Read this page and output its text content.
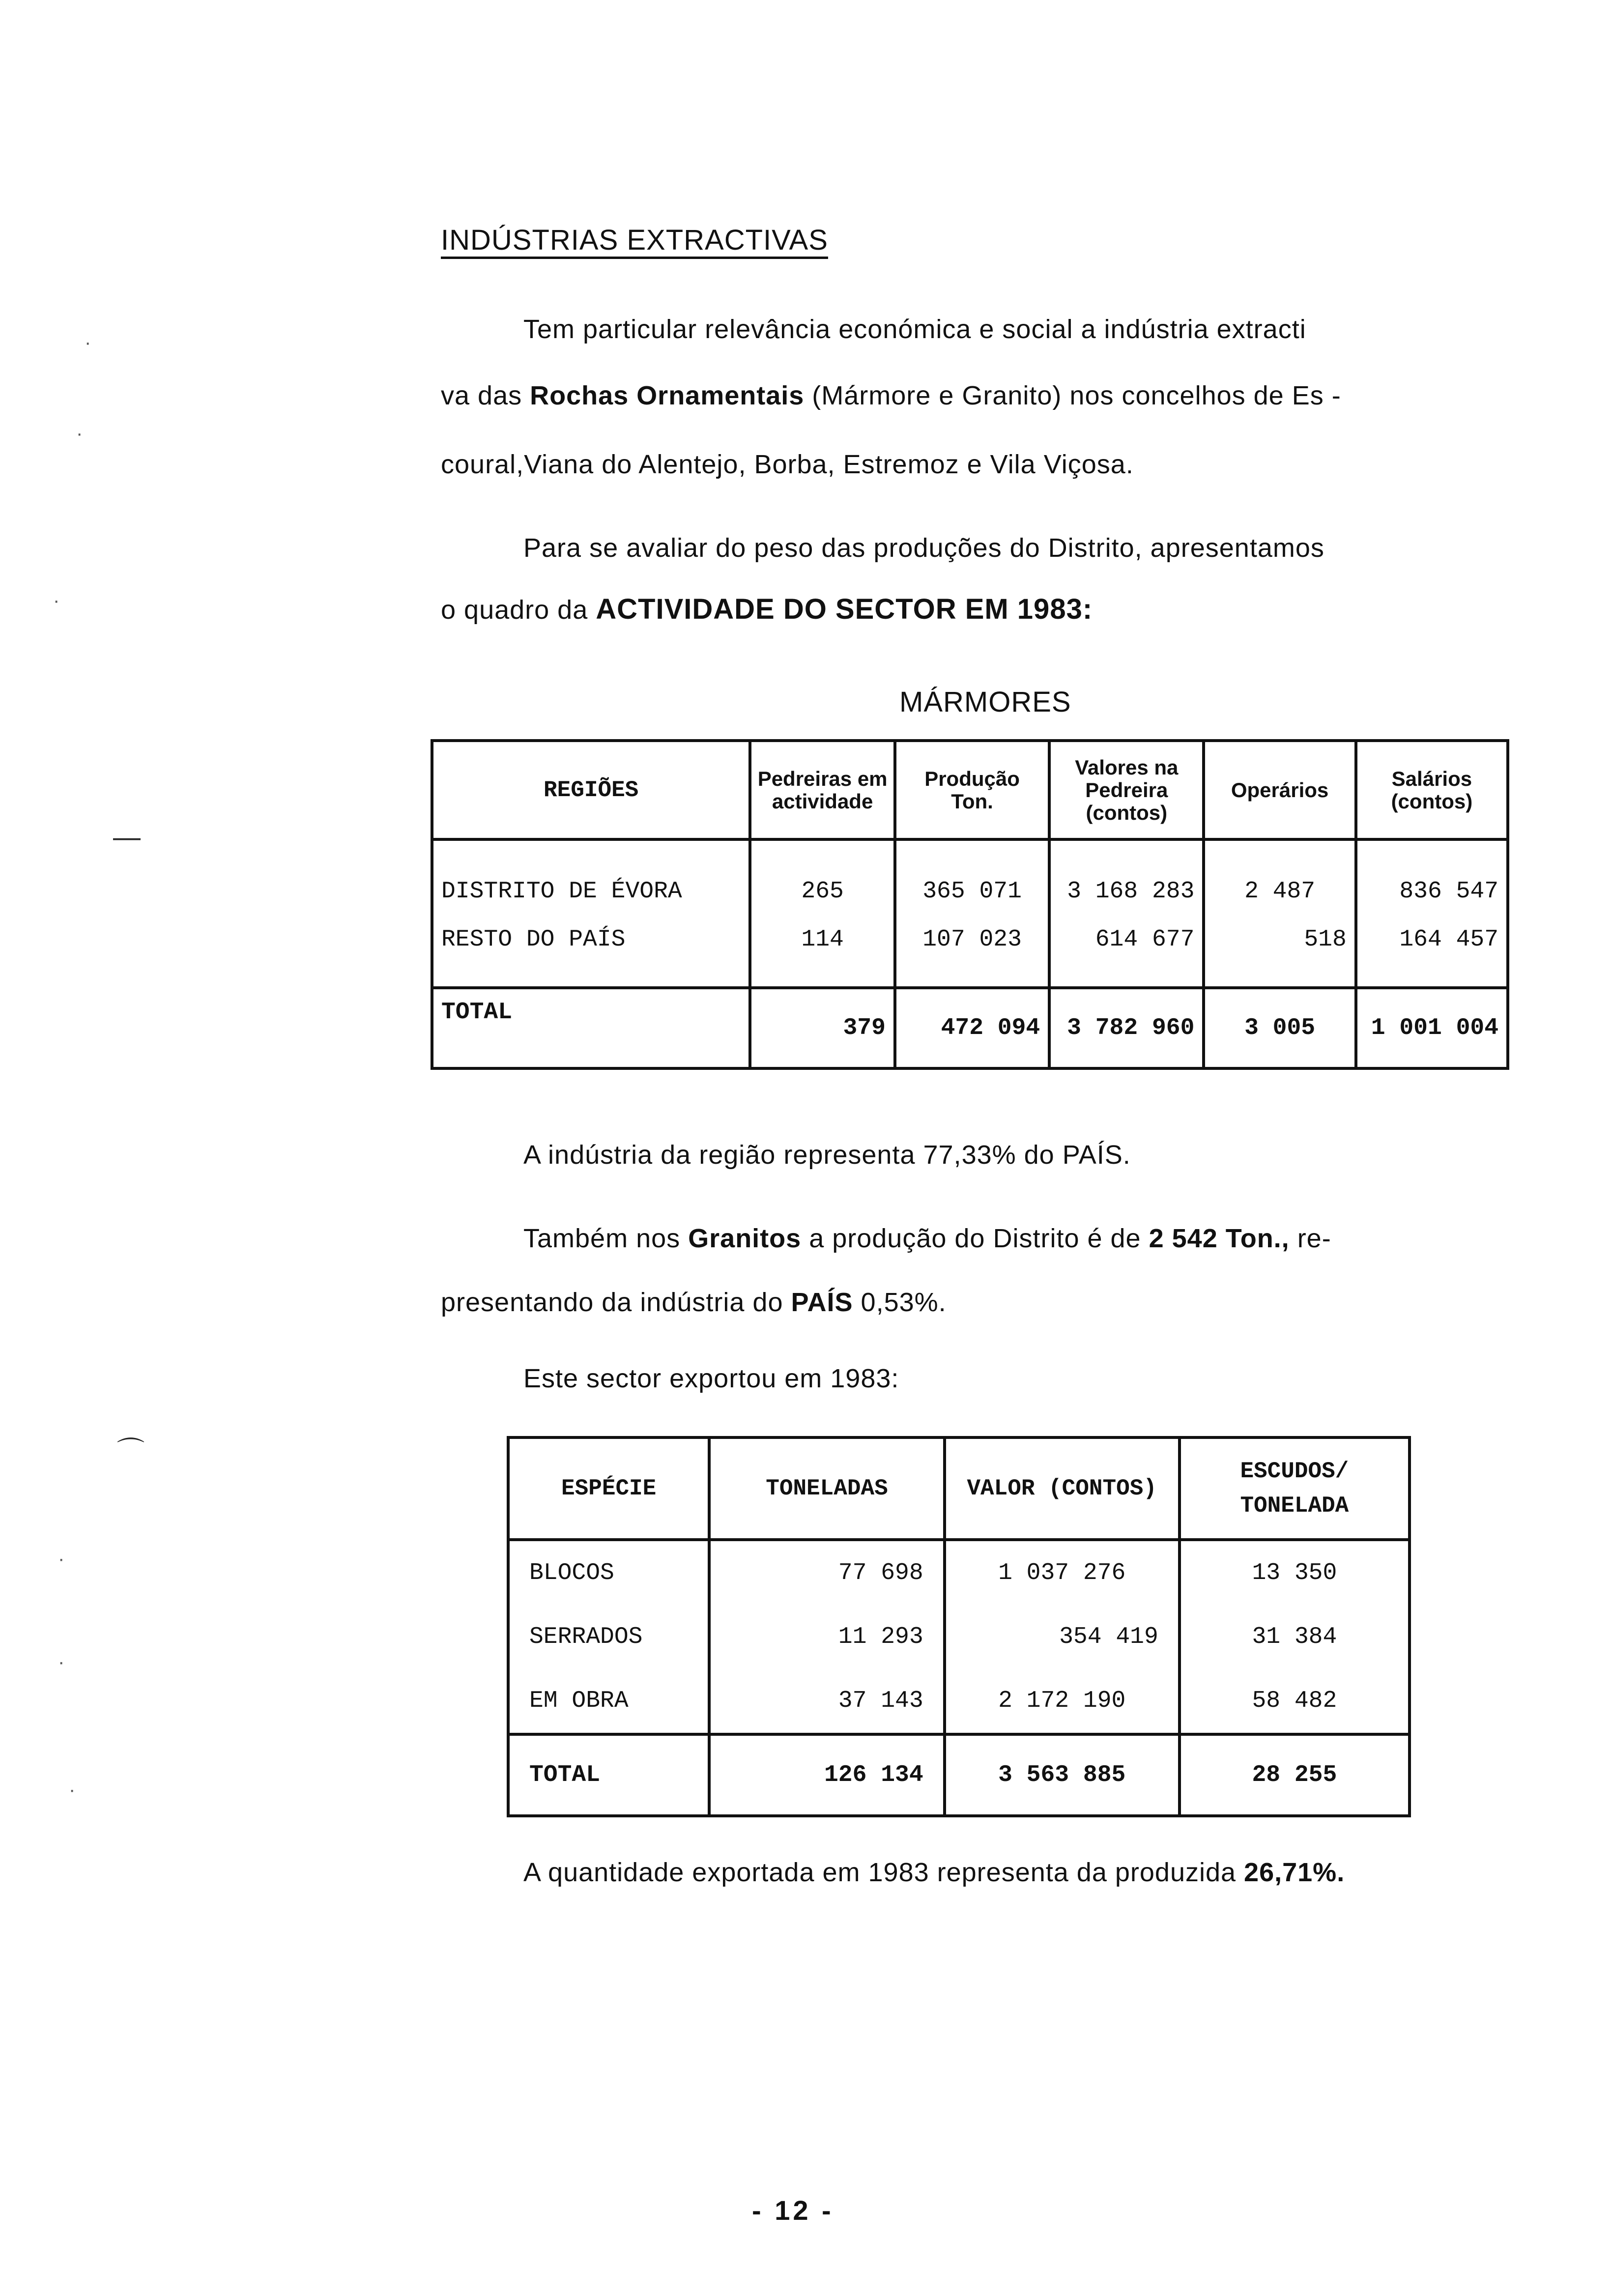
INDÚSTRIAS EXTRACTIVAS
Tem particular relevância económica e social a indústria extracti
va das Rochas Ornamentais (Mármore e Granito) nos concelhos de Es -
coural,Viana do Alentejo, Borba, Estremoz e Vila Viçosa.
Para se avaliar do peso das produções do Distrito, apresentamos
o quadro da ACTIVIDADE DO SECTOR EM 1983:
MÁRMORES
REGIÕES	Pedreiras em actividade	Produção Ton.	Valores na Pedreira (contos)	Operários	Salários (contos)
DISTRITO DE ÉVORA	265	365 071	3 168 283	2 487	836 547
RESTO DO PAÍS	114	107 023	614 677	518	164 457

TOTAL	379	472 094	3 782 960	3 005	1 001 004
A indústria da região representa 77,33% do PAÍS.
Também nos Granitos a produção do Distrito é de 2 542 Ton., re-
presentando da indústria do PAÍS 0,53%.
Este sector exportou em 1983:
ESPÉCIE	TONELADAS	VALOR (CONTOS)	ESCUDOS/ TONELADA
BLOCOS	77 698	1 037 276	13 350
SERRADOS	11 293	354 419	31 384
EM OBRA	37 143	2 172 190	58 482
TOTAL	126 134	3 563 885	28 255
A quantidade exportada em 1983 representa da produzida 26,71%.
- 12 -
·
·
·
—
⌒
·
·
·
